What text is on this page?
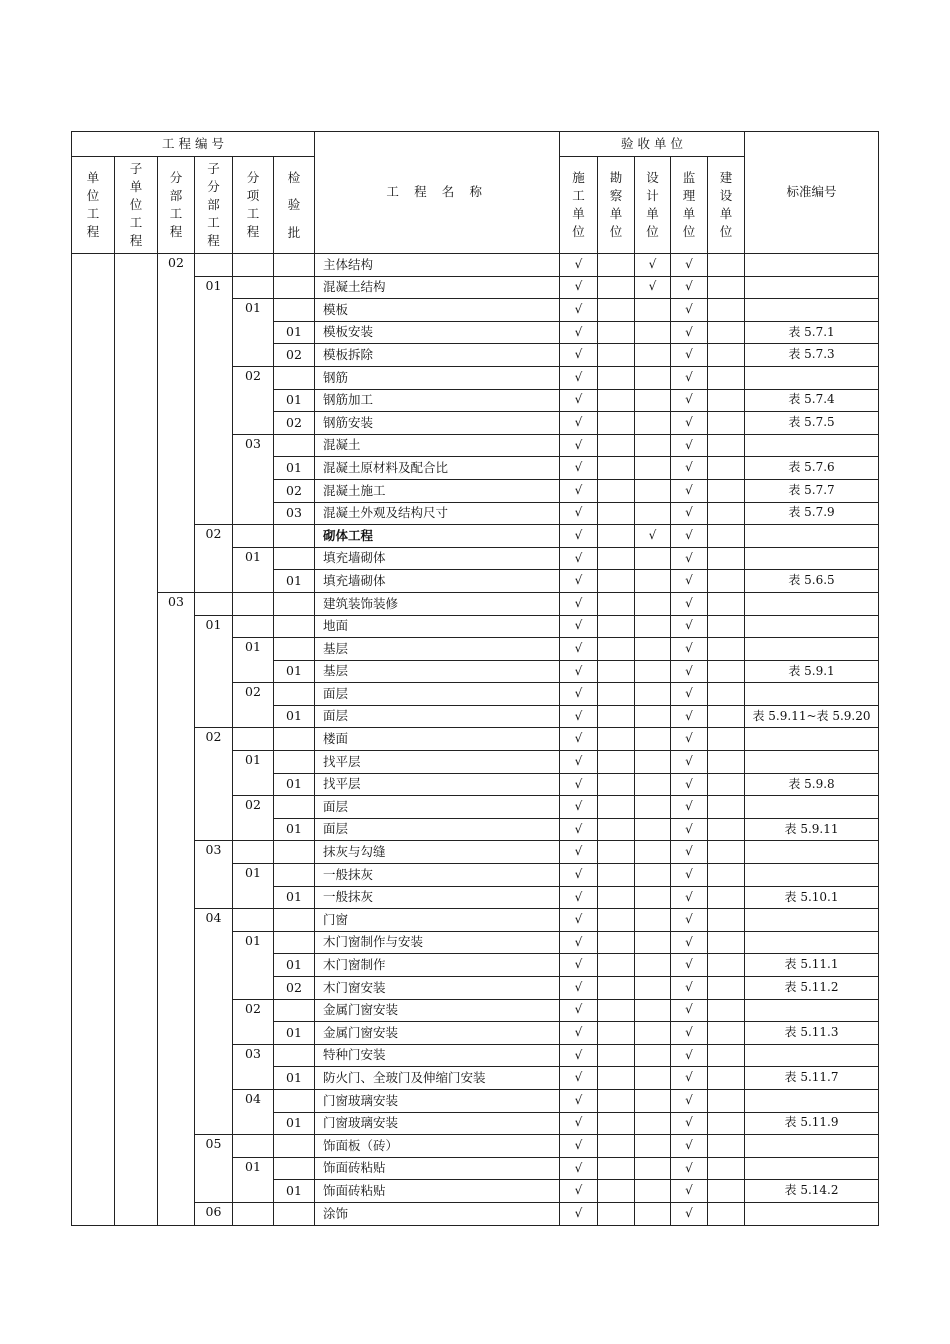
工 程 编 号						工 程 名 称	验 收 单 位					标准编号
单位工程	子单位工程	分部工程	子分部工程	分项工程	检验批		施工单位	勘察单位	设计单位	监理单位	建设单位	
		02				主体结构	√		√	√		
			01			混凝土结构	√		√	√		
				01		模板	√			√		
					01	模板安装	√			√		表 5.7.1
					02	模板拆除	√			√		表 5.7.3
				02		钢筋	√			√		
					01	钢筋加工	√			√		表 5.7.4
					02	钢筋安装	√			√		表 5.7.5
				03		混凝土	√			√		
					01	混凝土原材料及配合比	√			√		表 5.7.6
					02	混凝土施工	√			√		表 5.7.7
					03	混凝土外观及结构尺寸	√			√		表 5.7.9
			02			砌体工程	√		√	√		
				01		填充墙砌体	√			√		
					01	填充墙砌体	√			√		表 5.6.5
		03				建筑装饰装修	√			√		
			01			地面	√			√		
				01		基层	√			√		
					01	基层	√			√		表 5.9.1
				02		面层	√			√		
					01	面层	√			√		表 5.9.11~表 5.9.20
			02			楼面	√			√		
				01		找平层	√			√		
					01	找平层	√			√		表 5.9.8
				02		面层	√			√		
					01	面层	√			√		表 5.9.11
			03			抹灰与勾缝	√			√		
				01		一般抹灰	√			√		
					01	一般抹灰	√			√		表 5.10.1
			04			门窗	√			√		
				01		木门窗制作与安装	√			√		
					01	木门窗制作	√			√		表 5.11.1
					02	木门窗安装	√			√		表 5.11.2
				02		金属门窗安装	√			√		
					01	金属门窗安装	√			√		表 5.11.3
				03		特种门安装	√			√		
					01	防火门、全玻门及伸缩门安装	√			√		表 5.11.7
				04		门窗玻璃安装	√			√		
					01	门窗玻璃安装	√			√		表 5.11.9
			05			饰面板（砖）	√			√		
				01		饰面砖粘贴	√			√		
					01	饰面砖粘贴	√			√		表 5.14.2
			06			涂饰	√			√		
